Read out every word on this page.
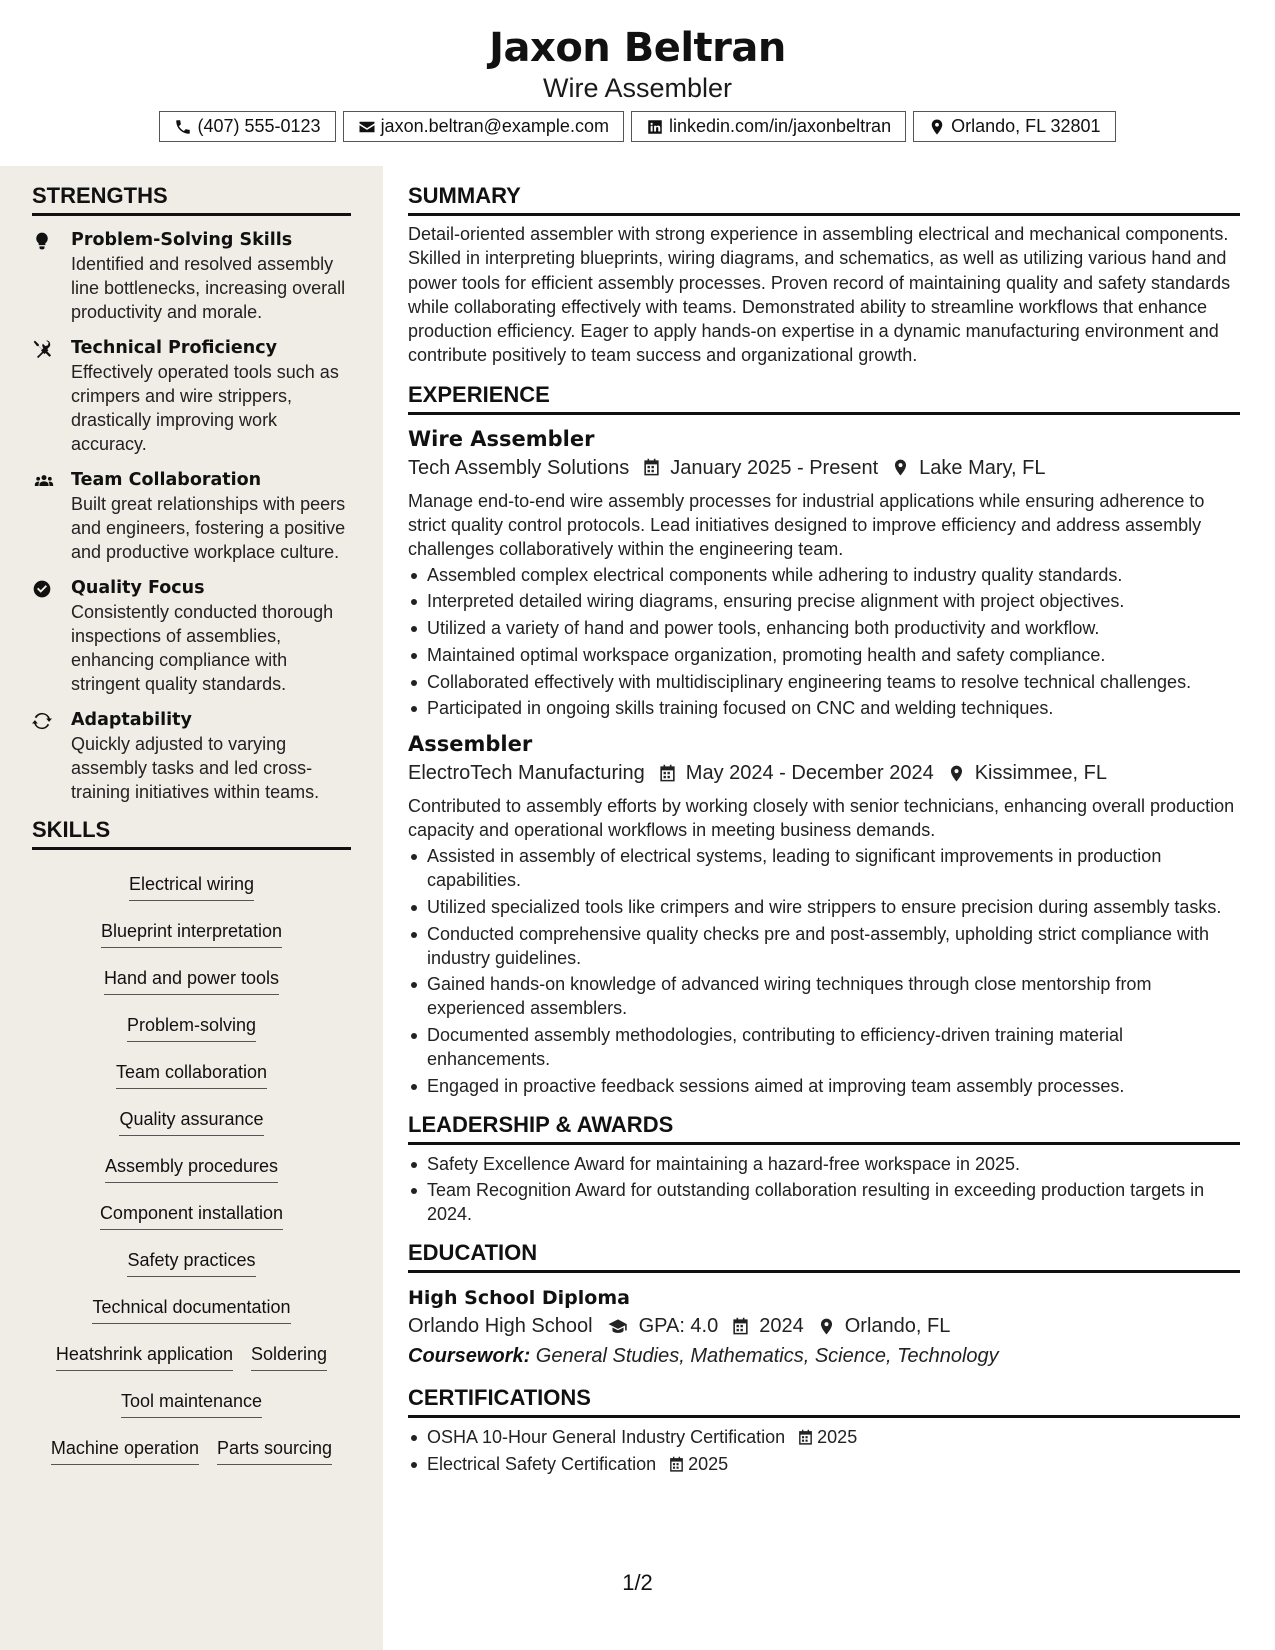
Jaxon Beltran
Wire Assembler
(407) 555-0123	jaxon.beltran@example.com	linkedin.com/in/jaxonbeltran	Orlando, FL 32801
STRENGTHS
Problem-Solving Skills
Identified and resolved assembly line bottlenecks, increasing overall productivity and morale.
Technical Proficiency
Effectively operated tools such as crimpers and wire strippers, drastically improving work accuracy.
Team Collaboration
Built great relationships with peers and engineers, fostering a positive and productive workplace culture.
Quality Focus
Consistently conducted thorough inspections of assemblies, enhancing compliance with stringent quality standards.
Adaptability
Quickly adjusted to varying assembly tasks and led cross-training initiatives within teams.
SKILLS
Electrical wiring
Blueprint interpretation
Hand and power tools
Problem-solving
Team collaboration
Quality assurance
Assembly procedures
Component installation
Safety practices
Technical documentation
Heatshrink application Soldering
Tool maintenance
Machine operation Parts sourcing
SUMMARY
Detail-oriented assembler with strong experience in assembling electrical and mechanical components. Skilled in interpreting blueprints, wiring diagrams, and schematics, as well as utilizing various hand and power tools for efficient assembly processes. Proven record of maintaining quality and safety standards while collaborating effectively with teams. Demonstrated ability to streamline workflows that enhance production efficiency. Eager to apply hands-on expertise in a dynamic manufacturing environment and contribute positively to team success and organizational growth.
EXPERIENCE
Wire Assembler
Tech Assembly Solutions January 2025 - Present Lake Mary, FL
Manage end-to-end wire assembly processes for industrial applications while ensuring adherence to strict quality control protocols. Lead initiatives designed to improve efficiency and address assembly challenges collaboratively within the engineering team.
Assembled complex electrical components while adhering to industry quality standards.
Interpreted detailed wiring diagrams, ensuring precise alignment with project objectives.
Utilized a variety of hand and power tools, enhancing both productivity and workflow.
Maintained optimal workspace organization, promoting health and safety compliance.
Collaborated effectively with multidisciplinary engineering teams to resolve technical challenges.
Participated in ongoing skills training focused on CNC and welding techniques.
Assembler
ElectroTech Manufacturing May 2024 - December 2024 Kissimmee, FL
Contributed to assembly efforts by working closely with senior technicians, enhancing overall production capacity and operational workflows in meeting business demands.
Assisted in assembly of electrical systems, leading to significant improvements in production capabilities.
Utilized specialized tools like crimpers and wire strippers to ensure precision during assembly tasks.
Conducted comprehensive quality checks pre and post-assembly, upholding strict compliance with industry guidelines.
Gained hands-on knowledge of advanced wiring techniques through close mentorship from experienced assemblers.
Documented assembly methodologies, contributing to efficiency-driven training material enhancements.
Engaged in proactive feedback sessions aimed at improving team assembly processes.
LEADERSHIP & AWARDS
Safety Excellence Award for maintaining a hazard-free workspace in 2025.
Team Recognition Award for outstanding collaboration resulting in exceeding production targets in 2024.
EDUCATION
High School Diploma
Orlando High School GPA: 4.0 2024 Orlando, FL
Coursework: General Studies, Mathematics, Science, Technology
CERTIFICATIONS
OSHA 10-Hour General Industry Certification 2025
Electrical Safety Certification 2025
1/2
